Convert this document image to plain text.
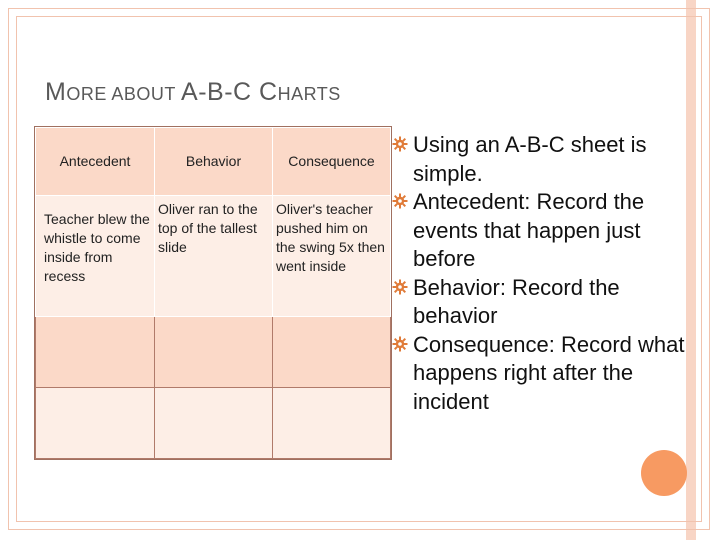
MORE ABOUT A-B-C CHARTS
Antecedent	Behavior	Consequence
Teacher blew the whistle to come inside from recess	Oliver ran to the top of the tallest slide	Oliver's teacher pushed him on the swing 5x then went inside

Using an A-B-C sheet is simple.
Antecedent: Record the events that happen just before
Behavior: Record the behavior
Consequence: Record what happens right after the incident
